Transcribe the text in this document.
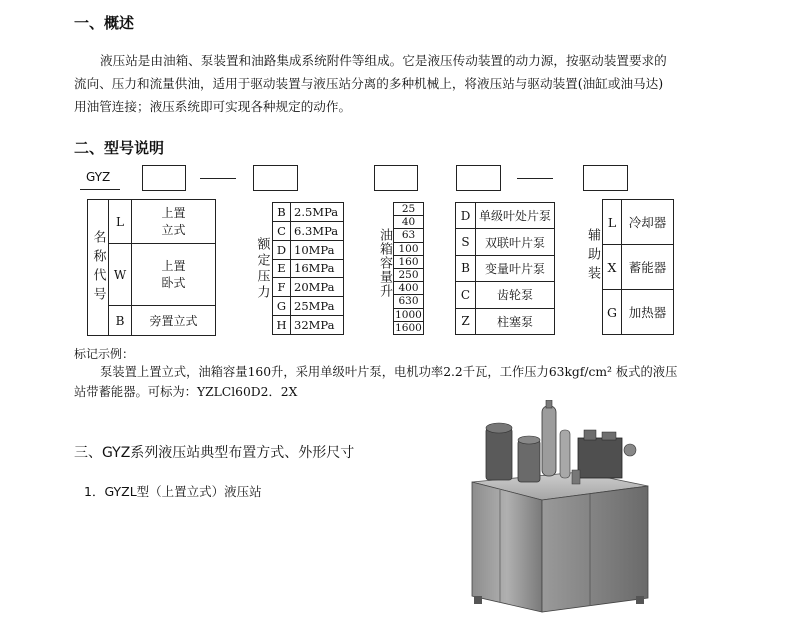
一、概述
液压站是由油箱、泵装置和油路集成系统附件等组成。它是液压传动装置的动力源，按驱动装置要求的
流向、压力和流量供油，适用于驱动装置与液压站分离的多种机械上，将液压站与驱动装置(油缸或油马达)
用油管连接；液压系统即可实现各种规定的动作。
二、型号说明
GYZ
名称代号	L	上置立式

	W	上置卧式

	B	旁置立式
额定压力	B	2.5MPa
	C	6.3MPa
	D	10MPa
	E	16MPa
	F	20MPa
	G	25MPa
	H	32MPa
油箱容量升
25
40
63
100
160
250
400
630
1000
1600
D	单级叶处片泵
S	双联叶片泵
B	变量叶片泵
C	齿轮泵
Z	柱塞泵
辅助装
L	冷却器
X	蓄能器
G	加热器
标记示例：
泵装置上置立式，油箱容量160升，采用单级叶片泵，电机功率2.2千瓦，工作压力63kgf/cm² 板式的液压
站带蓄能器。可标为：YZLCl60D2．2X
三、GYZ系列液压站典型布置方式、外形尺寸
1．GYZL型（上置立式）液压站
